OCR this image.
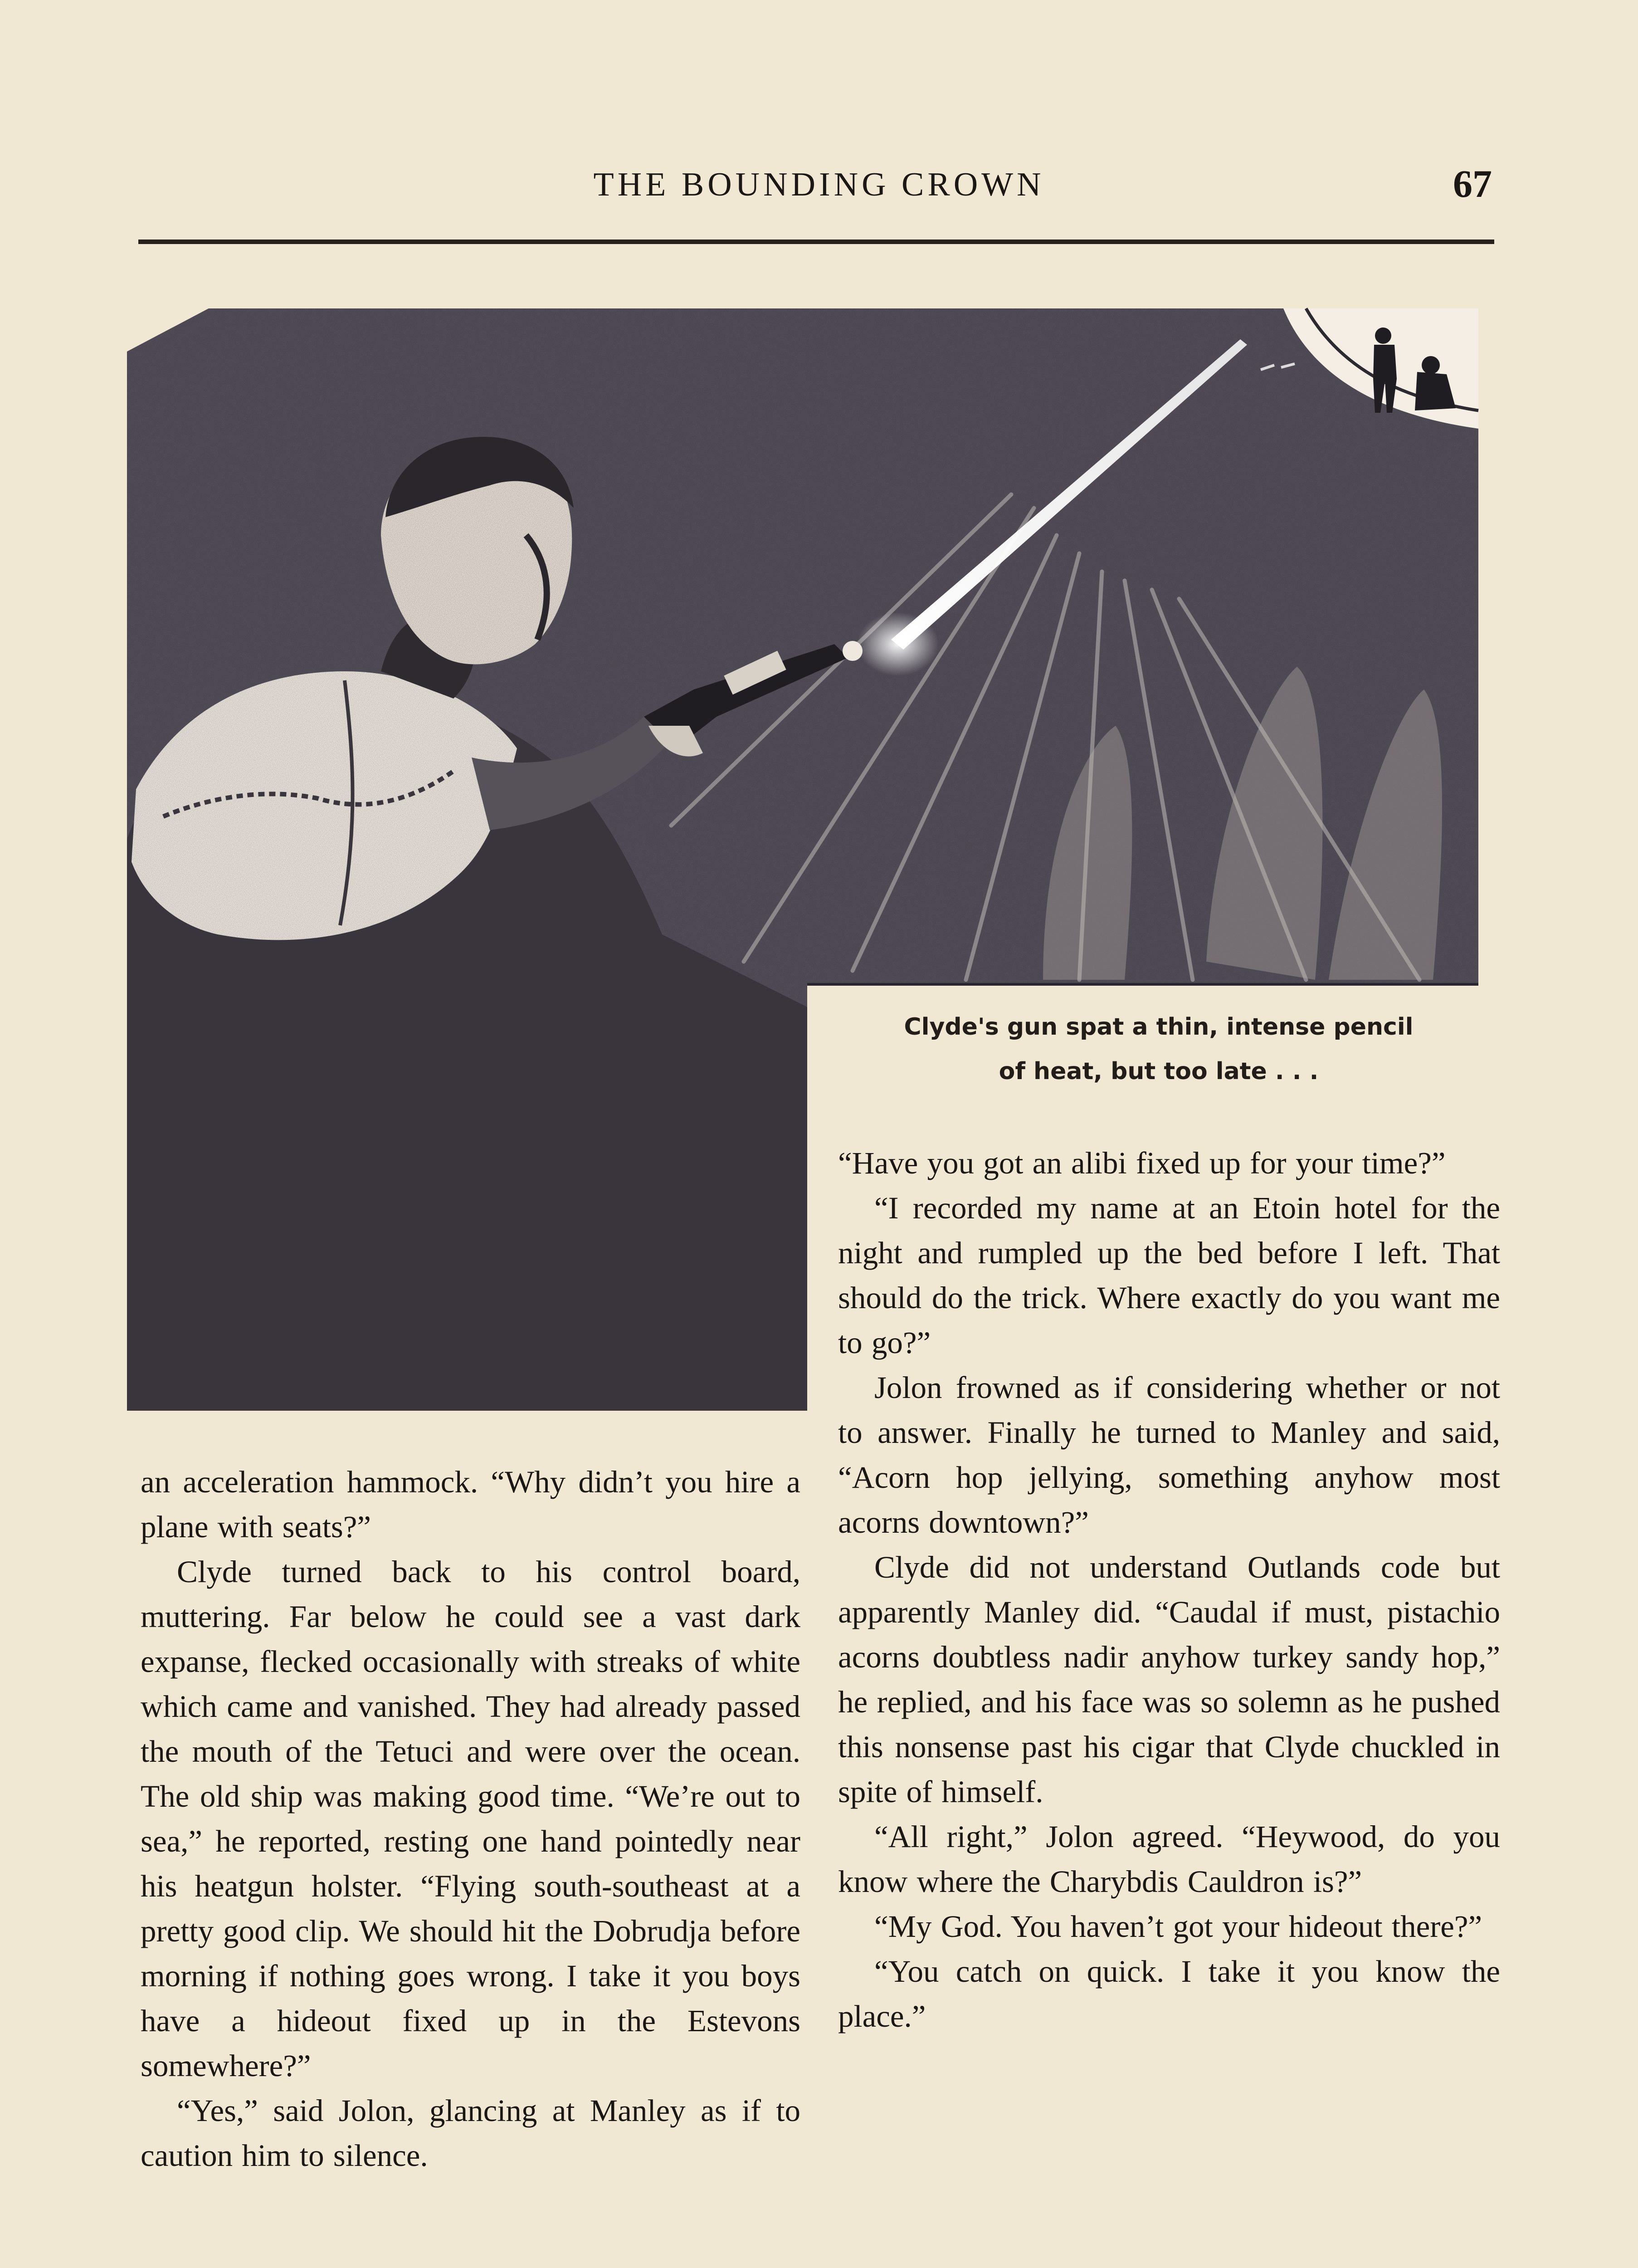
THE BOUNDING CROWN	67
Clyde's gun spat a thin, intense pencil
of heat, but too late . . .

an acceleration hammock. “Why didn’t you hire a plane with seats?”

Clyde turned back to his control board, muttering. Far below he could see a vast dark expanse, flecked occasionally with streaks of white which came and vanished. They had already passed the mouth of the Tetuci and were over the ocean. The old ship was making good time. “We’re out to sea,” he reported, resting one hand pointedly near his heatgun holster. “Flying south-southeast at a pretty good clip. We should hit the Dobrudja before morning if nothing goes wrong. I take it you boys have a hideout fixed up in the Estevons somewhere?”

“Yes,” said Jolon, glancing at Manley as if to caution him to silence.

“Have you got an alibi fixed up for your time?”

“I recorded my name at an Etoin hotel for the night and rumpled up the bed before I left. That should do the trick. Where exactly do you want me to go?”

Jolon frowned as if considering whether or not to answer. Finally he turned to Manley and said, “Acorn hop jellying, something anyhow most acorns downtown?”

Clyde did not understand Outlands code but apparently Manley did. “Caudal if must, pistachio acorns doubtless nadir anyhow turkey sandy hop,” he replied, and his face was so solemn as he pushed this nonsense past his cigar that Clyde chuckled in spite of himself.

“All right,” Jolon agreed. “Heywood, do you know where the Charybdis Cauldron is?”

“My God. You haven’t got your hideout there?”

“You catch on quick. I take it you know the place.”
